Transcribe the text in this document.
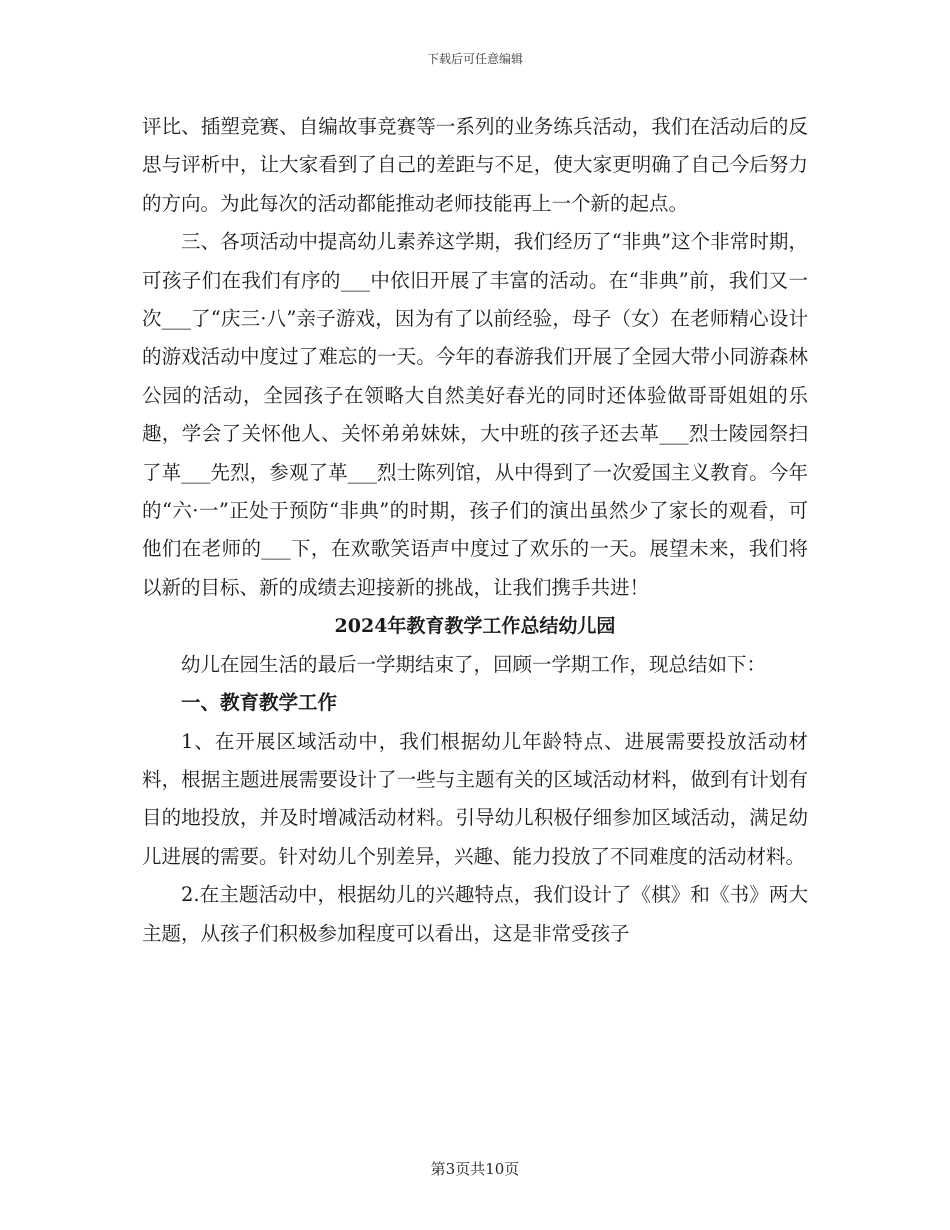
下载后可任意编辑

评比、插塑竞赛、自编故事竞赛等一系列的业务练兵活动，我们在活动后的反思与评析中，让大家看到了自己的差距与不足，使大家更明确了自己今后努力的方向。为此每次的活动都能推动老师技能再上一个新的起点。

三、各项活动中提高幼儿素养这学期，我们经历了“非典”这个非常时期，可孩子们在我们有序的___中依旧开展了丰富的活动。在“非典”前，我们又一次___了“庆三·八”亲子游戏，因为有了以前经验，母子（女）在老师精心设计的游戏活动中度过了难忘的一天。今年的春游我们开展了全园大带小同游森林公园的活动，全园孩子在领略大自然美好春光的同时还体验做哥哥姐姐的乐趣，学会了关怀他人、关怀弟弟妹妹，大中班的孩子还去革___烈士陵园祭扫了革___先烈，参观了革___烈士陈列馆，从中得到了一次爱国主义教育。今年的“六·一”正处于预防“非典”的时期，孩子们的演出虽然少了家长的观看，可他们在老师的___下，在欢歌笑语声中度过了欢乐的一天。展望未来，我们将以新的目标、新的成绩去迎接新的挑战，让我们携手共进！

2024年教育教学工作总结幼儿园

幼儿在园生活的最后一学期结束了，回顾一学期工作，现总结如下：

一、教育教学工作

1、在开展区域活动中，我们根据幼儿年龄特点、进展需要投放活动材料，根据主题进展需要设计了一些与主题有关的区域活动材料，做到有计划有目的地投放，并及时增减活动材料。引导幼儿积极仔细参加区域活动，满足幼儿进展的需要。针对幼儿个别差异，兴趣、能力投放了不同难度的活动材料。

2.在主题活动中，根据幼儿的兴趣特点，我们设计了《棋》和《书》两大主题，从孩子们积极参加程度可以看出，这是非常受孩子

第3页共10页
